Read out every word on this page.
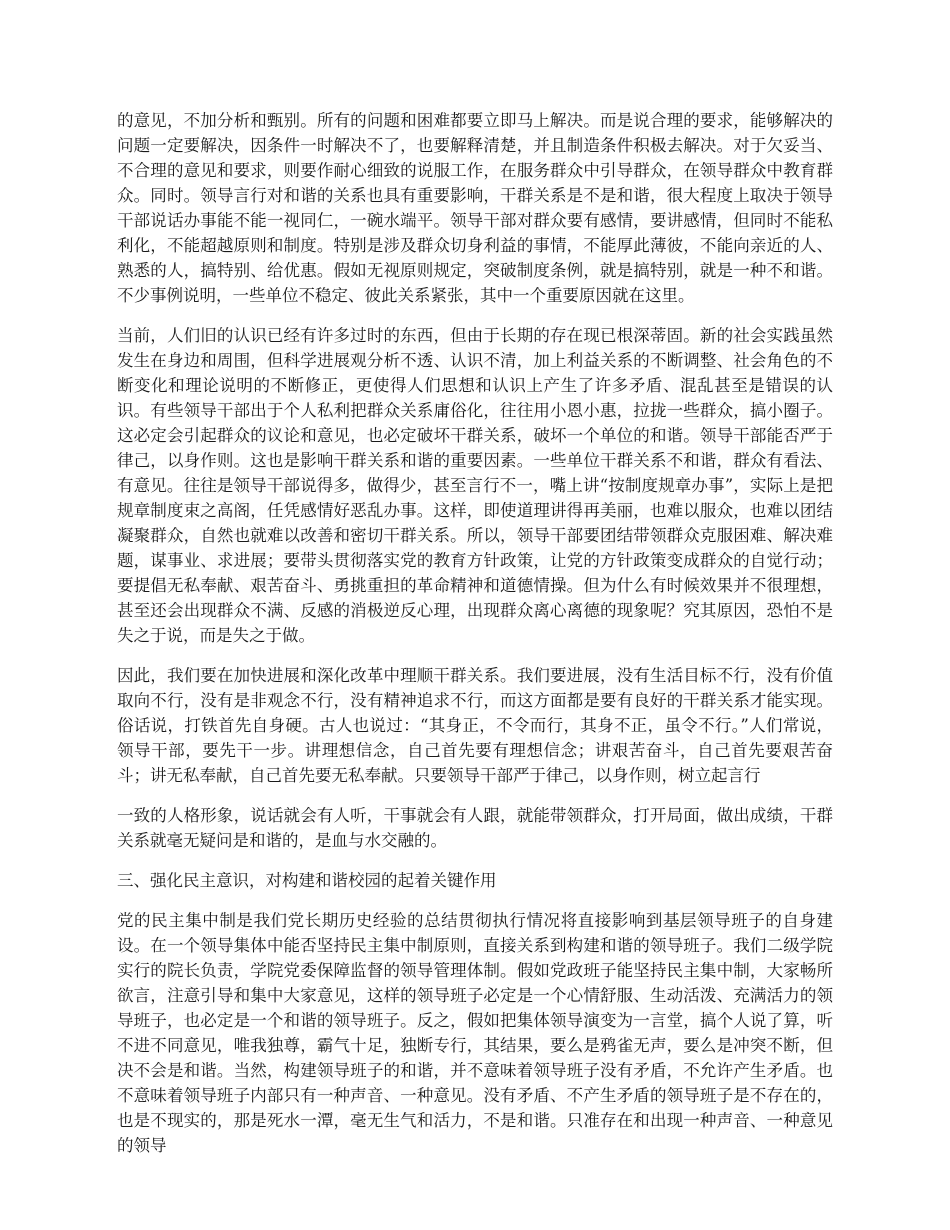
的意见，不加分析和甄别。所有的问题和困难都要立即马上解决。而是说合理的要求，能够解决的问题一定要解决，因条件一时解决不了，也要解释清楚，并且制造条件积极去解决。对于欠妥当、不合理的意见和要求，则要作耐心细致的说服工作，在服务群众中引导群众，在领导群众中教育群众。同时。领导言行对和谐的关系也具有重要影响，干群关系是不是和谐，很大程度上取决于领导干部说话办事能不能一视同仁，一碗水端平。领导干部对群众要有感情，要讲感情，但同时不能私利化，不能超越原则和制度。特别是涉及群众切身利益的事情，不能厚此薄彼，不能向亲近的人、熟悉的人，搞特别、给优惠。假如无视原则规定，突破制度条例，就是搞特别，就是一种不和谐。不少事例说明，一些单位不稳定、彼此关系紧张，其中一个重要原因就在这里。

当前，人们旧的认识已经有许多过时的东西，但由于长期的存在现已根深蒂固。新的社会实践虽然发生在身边和周围，但科学进展观分析不透、认识不清，加上利益关系的不断调整、社会角色的不断变化和理论说明的不断修正，更使得人们思想和认识上产生了许多矛盾、混乱甚至是错误的认识。有些领导干部出于个人私利把群众关系庸俗化，往往用小恩小惠，拉拢一些群众，搞小圈子。这必定会引起群众的议论和意见，也必定破坏干群关系，破坏一个单位的和谐。领导干部能否严于律己，以身作则。这也是影响干群关系和谐的重要因素。一些单位干群关系不和谐，群众有看法、有意见。往往是领导干部说得多，做得少，甚至言行不一，嘴上讲“按制度规章办事”，实际上是把规章制度束之高阁，任凭感情好恶乱办事。这样，即使道理讲得再美丽，也难以服众，也难以团结凝聚群众，自然也就难以改善和密切干群关系。所以，领导干部要团结带领群众克服困难、解决难题，谋事业、求进展；要带头贯彻落实党的教育方针政策，让党的方针政策变成群众的自觉行动；要提倡无私奉献、艰苦奋斗、勇挑重担的革命精神和道德情操。但为什么有时候效果并不很理想，甚至还会出现群众不满、反感的消极逆反心理，出现群众离心离德的现象呢？究其原因，恐怕不是失之于说，而是失之于做。

因此，我们要在加快进展和深化改革中理顺干群关系。我们要进展，没有生活目标不行，没有价值取向不行，没有是非观念不行，没有精神追求不行，而这方面都是要有良好的干群关系才能实现。俗话说，打铁首先自身硬。古人也说过：“其身正，不令而行，其身不正，虽令不行。”人们常说，领导干部，要先干一步。讲理想信念，自己首先要有理想信念；讲艰苦奋斗，自己首先要艰苦奋斗；讲无私奉献，自己首先要无私奉献。只要领导干部严于律己，以身作则，树立起言行

一致的人格形象，说话就会有人听，干事就会有人跟，就能带领群众，打开局面，做出成绩，干群关系就毫无疑问是和谐的，是血与水交融的。

三、强化民主意识，对构建和谐校园的起着关键作用

党的民主集中制是我们党长期历史经验的总结贯彻执行情况将直接影响到基层领导班子的自身建设。在一个领导集体中能否坚持民主集中制原则，直接关系到构建和谐的领导班子。我们二级学院实行的院长负责，学院党委保障监督的领导管理体制。假如党政班子能坚持民主集中制，大家畅所欲言，注意引导和集中大家意见，这样的领导班子必定是一个心情舒服、生动活泼、充满活力的领导班子，也必定是一个和谐的领导班子。反之，假如把集体领导演变为一言堂，搞个人说了算，听不进不同意见，唯我独尊，霸气十足，独断专行，其结果，要么是鸦雀无声，要么是冲突不断，但决不会是和谐。当然，构建领导班子的和谐，并不意味着领导班子没有矛盾，不允许产生矛盾。也不意味着领导班子内部只有一种声音、一种意见。没有矛盾、不产生矛盾的领导班子是不存在的，也是不现实的，那是死水一潭，毫无生气和活力，不是和谐。只准存在和出现一种声音、一种意见的领导
